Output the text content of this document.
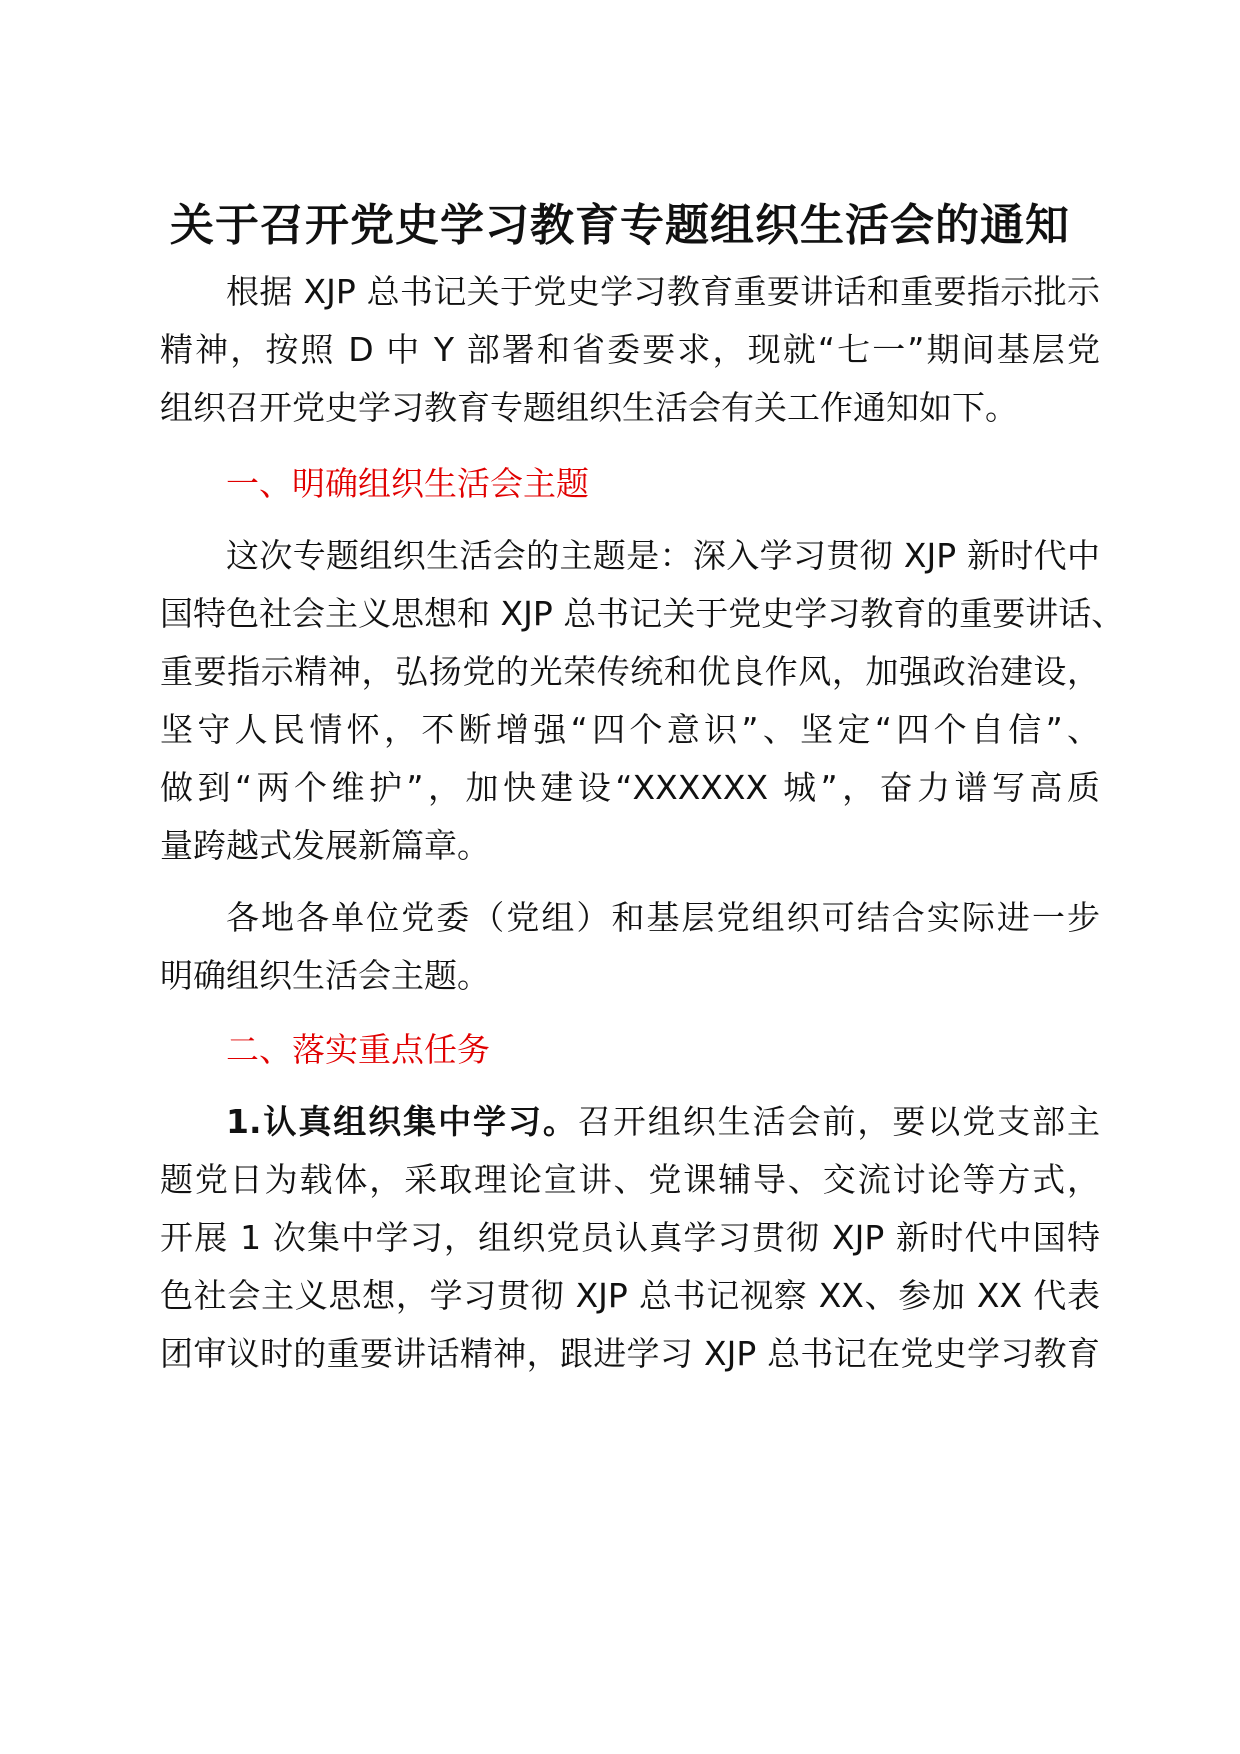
关于召开党史学习教育专题组织生活会的通知
根据 XJP 总书记关于党史学习教育重要讲话和重要指示批示
精神，按照 D 中 Y 部署和省委要求，现就“七一”期间基层党
组织召开党史学习教育专题组织生活会有关工作通知如下。
一、明确组织生活会主题
这次专题组织生活会的主题是：深入学习贯彻 XJP 新时代中
国特色社会主义思想和 XJP 总书记关于党史学习教育的重要讲话、
重要指示精神，弘扬党的光荣传统和优良作风，加强政治建设，
坚守人民情怀，不断增强“四个意识”、坚定“四个自信”、
做到“两个维护”，加快建设“XXXXXX 城”，奋力谱写高质
量跨越式发展新篇章。
各地各单位党委（党组）和基层党组织可结合实际进一步
明确组织生活会主题。
二、落实重点任务
1.认真组织集中学习。召开组织生活会前，要以党支部主
题党日为载体，采取理论宣讲、党课辅导、交流讨论等方式，
开展 1 次集中学习，组织党员认真学习贯彻 XJP 新时代中国特
色社会主义思想，学习贯彻 XJP 总书记视察 XX、参加 XX 代表
团审议时的重要讲话精神，跟进学习 XJP 总书记在党史学习教育
